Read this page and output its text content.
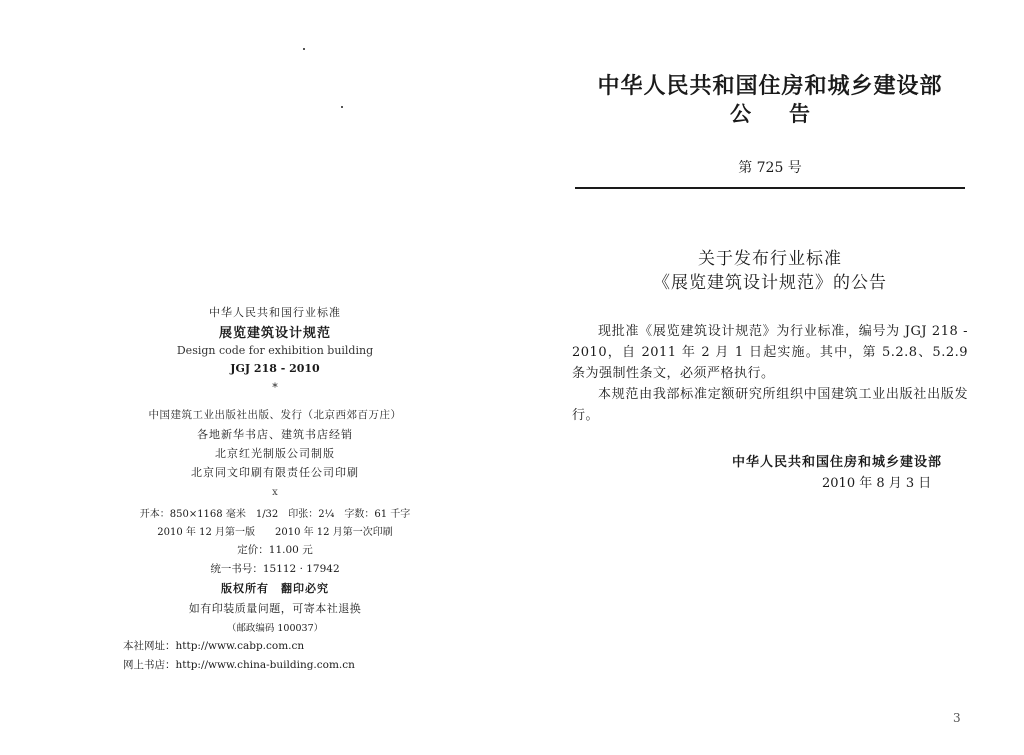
中华人民共和国行业标准
展览建筑设计规范
Design code for exhibition building
JGJ 218 - 2010
*
中国建筑工业出版社出版、发行（北京西郊百万庄）
各地新华书店、建筑书店经销
北京红光制版公司制版
北京同文印刷有限责任公司印刷
x
开本：850×1168 毫米　1/32　印张：2¼　字数：61 千字
2010 年 12 月第一版　　2010 年 12 月第一次印刷
定价：11.00 元
统一书号：15112 · 17942
版权所有　翻印必究
如有印装质量问题，可寄本社退换
（邮政编码 100037）
本社网址：http://www.cabp.com.cn
网上书店：http://www.china-building.com.cn
中华人民共和国住房和城乡建设部
公告
第 725 号
关于发布行业标准
《展览建筑设计规范》的公告
现批准《展览建筑设计规范》为行业标准，编号为 JGJ 218 - 2010，自 2011 年 2 月 1 日起实施。其中，第 5.2.8、5.2.9 条为强制性条文，必须严格执行。
本规范由我部标准定额研究所组织中国建筑工业出版社出版发行。
中华人民共和国住房和城乡建设部
2010 年 8 月 3 日
3
